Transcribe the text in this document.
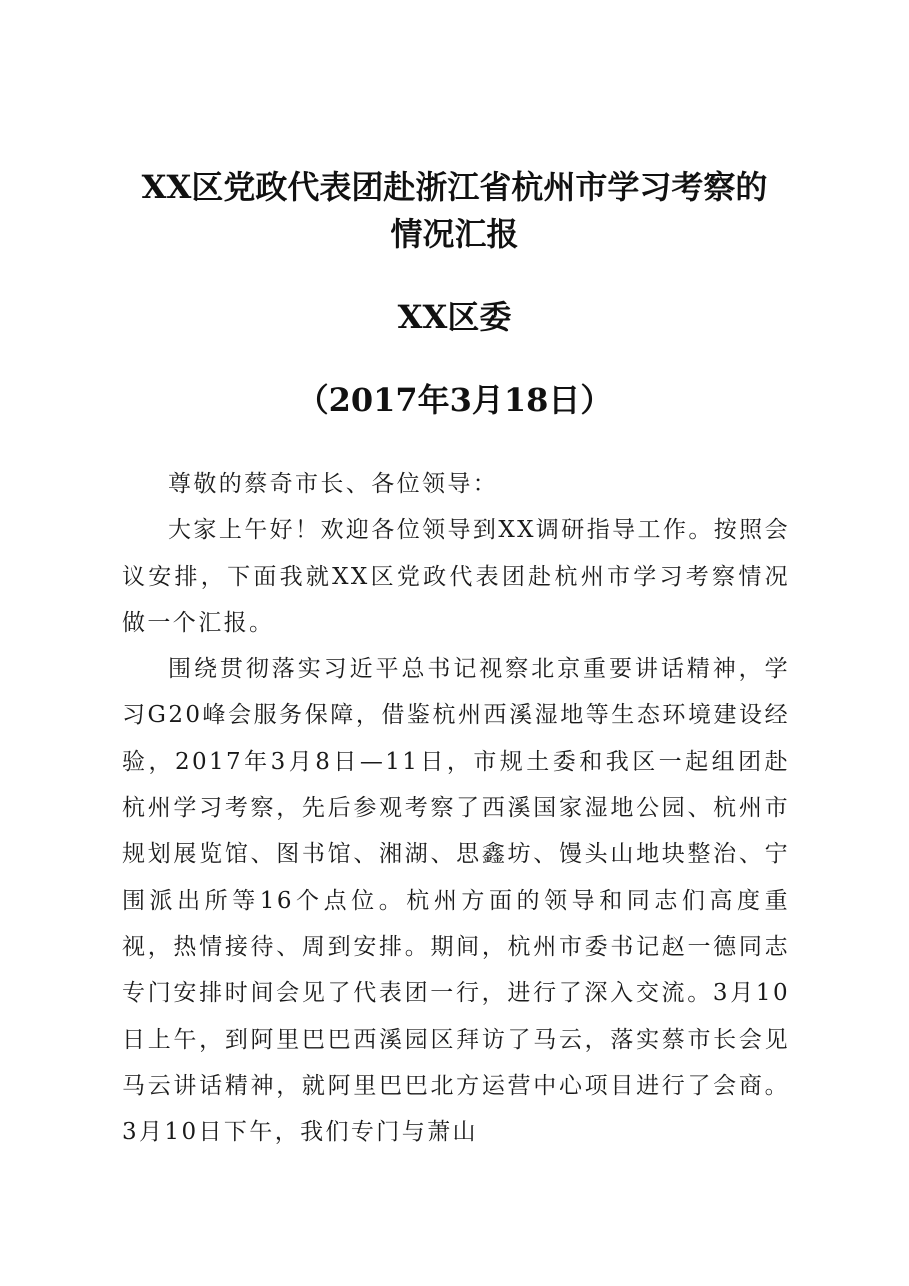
XX区党政代表团赴浙江省杭州市学习考察的
情况汇报
XX区委
（2017年3月18日）

尊敬的蔡奇市长、各位领导：

大家上午好！欢迎各位领导到XX调研指导工作。按照会议安排，下面我就XX区党政代表团赴杭州市学习考察情况做一个汇报。

围绕贯彻落实习近平总书记视察北京重要讲话精神，学习G20峰会服务保障，借鉴杭州西溪湿地等生态环境建设经验，2017年3月8日—11日，市规土委和我区一起组团赴杭州学习考察，先后参观考察了西溪国家湿地公园、杭州市规划展览馆、图书馆、湘湖、思鑫坊、馒头山地块整治、宁围派出所等16个点位。杭州方面的领导和同志们高度重视，热情接待、周到安排。期间，杭州市委书记赵一德同志专门安排时间会见了代表团一行，进行了深入交流。3月10日上午，到阿里巴巴西溪园区拜访了马云，落实蔡市长会见马云讲话精神，就阿里巴巴北方运营中心项目进行了会商。3月10日下午，我们专门与萧山
